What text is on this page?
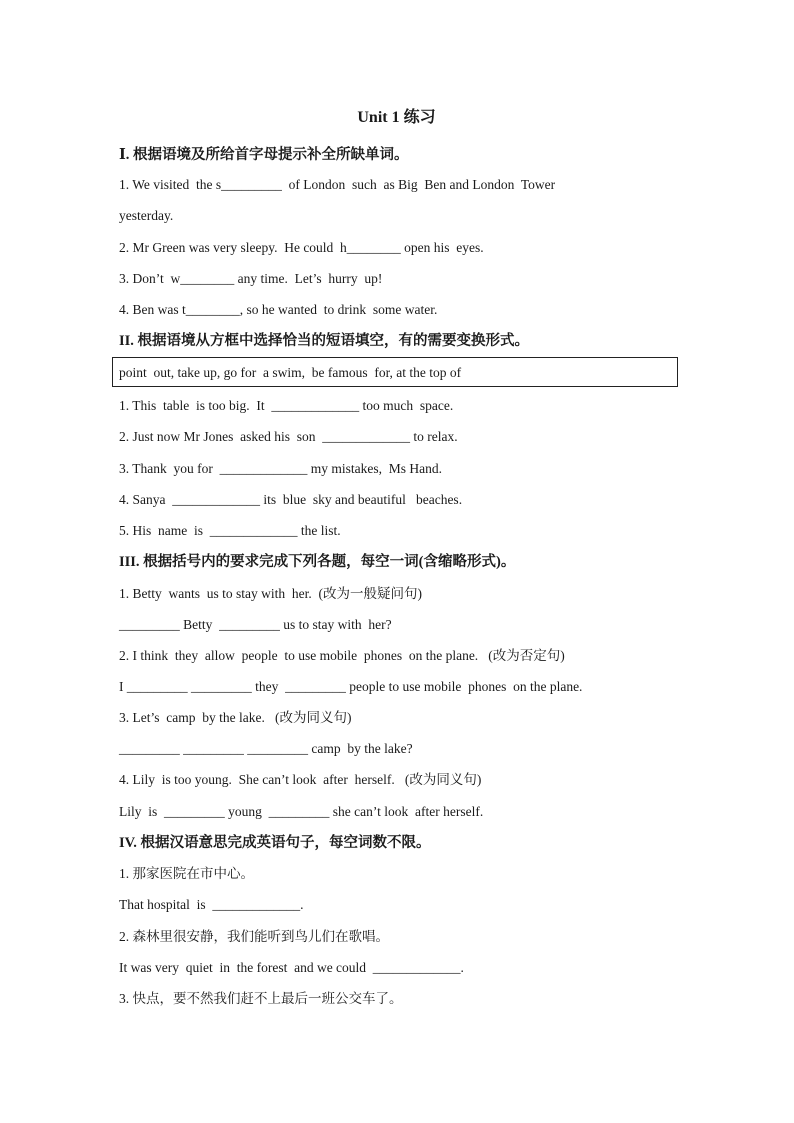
Unit 1 练习
Ⅰ. 根据语境及所给首字母提示补全所缺单词。
1. We visited  the s_________  of London  such  as Big  Ben and London  Tower
yesterday.
2. Mr Green was very sleepy.  He could  h________ open his  eyes.
3. Don’t  w________ any time.  Let’s  hurry  up!
4. Ben was t________, so he wanted  to drink  some water.
II. 根据语境从方框中选择恰当的短语填空，有的需要变换形式。
point  out, take up, go for  a swim,  be famous  for, at the top of
1. This  table  is too big.  It  _____________ too much  space.
2. Just now Mr Jones  asked his  son  _____________ to relax.
3. Thank  you for  _____________ my mistakes,  Ms Hand.
4. Sanya  _____________ its  blue  sky and beautiful   beaches.
5. His  name  is  _____________ the list.
III. 根据括号内的要求完成下列各题，每空一词(含缩略形式)。
1. Betty  wants  us to stay with  her.  (改为一般疑问句)
_________ Betty  _________ us to stay with  her?
2. I think  they  allow  people  to use mobile  phones  on the plane.   (改为否定句)
I _________ _________ they  _________ people to use mobile  phones  on the plane.
3. Let’s  camp  by the lake.   (改为同义句)
_________ _________ _________ camp  by the lake?
4. Lily  is too young.  She can’t look  after  herself.   (改为同义句)
Lily  is  _________ young  _________ she can’t look  after herself.
IV. 根据汉语意思完成英语句子，每空词数不限。
1. 那家医院在市中心。
That hospital  is  _____________.
2. 森林里很安静，我们能听到鸟儿们在歌唱。
It was very  quiet  in  the forest  and we could  _____________.
3. 快点，要不然我们赶不上最后一班公交车了。
